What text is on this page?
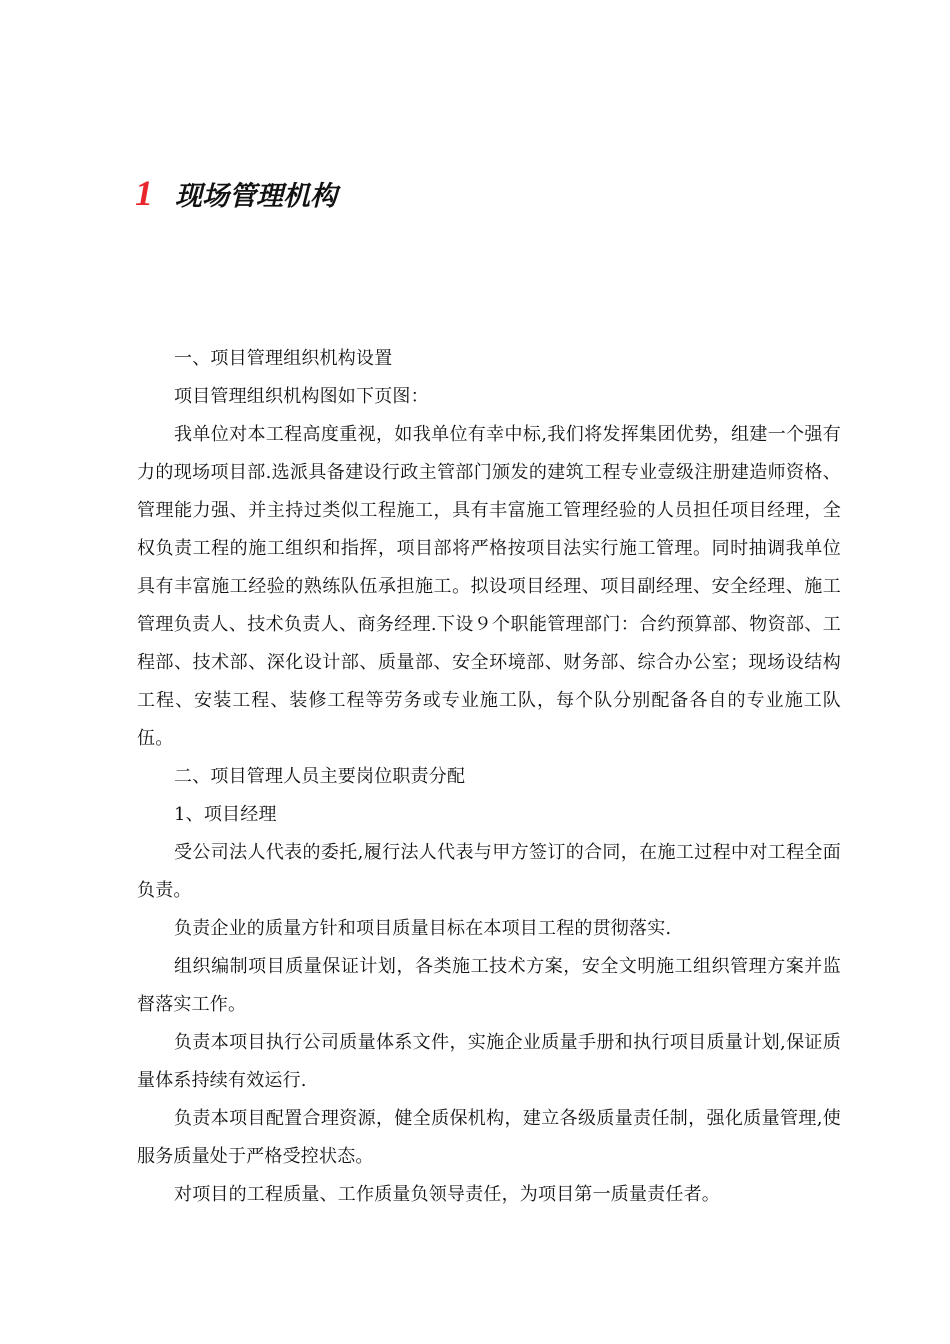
1 现场管理机构

一、项目管理组织机构设置

项目管理组织机构图如下页图：

我单位对本工程高度重视，如我单位有幸中标,我们将发挥集团优势，组建一个强有力的现场项目部.选派具备建设行政主管部门颁发的建筑工程专业壹级注册建造师资格、管理能力强、并主持过类似工程施工，具有丰富施工管理经验的人员担任项目经理，全权负责工程的施工组织和指挥，项目部将严格按项目法实行施工管理。同时抽调我单位具有丰富施工经验的熟练队伍承担施工。拟设项目经理、项目副经理、安全经理、施工管理负责人、技术负责人、商务经理.下设９个职能管理部门：合约预算部、物资部、工程部、技术部、深化设计部、质量部、安全环境部、财务部、综合办公室；现场设结构工程、安装工程、装修工程等劳务或专业施工队，每个队分别配备各自的专业施工队伍。

二、项目管理人员主要岗位职责分配

1、项目经理

受公司法人代表的委托,履行法人代表与甲方签订的合同，在施工过程中对工程全面负责。

负责企业的质量方针和项目质量目标在本项目工程的贯彻落实.

组织编制项目质量保证计划，各类施工技术方案，安全文明施工组织管理方案并监督落实工作。

负责本项目执行公司质量体系文件，实施企业质量手册和执行项目质量计划,保证质量体系持续有效运行.

负责本项目配置合理资源，健全质保机构，建立各级质量责任制，强化质量管理,使服务质量处于严格受控状态。

对项目的工程质量、工作质量负领导责任，为项目第一质量责任者。
